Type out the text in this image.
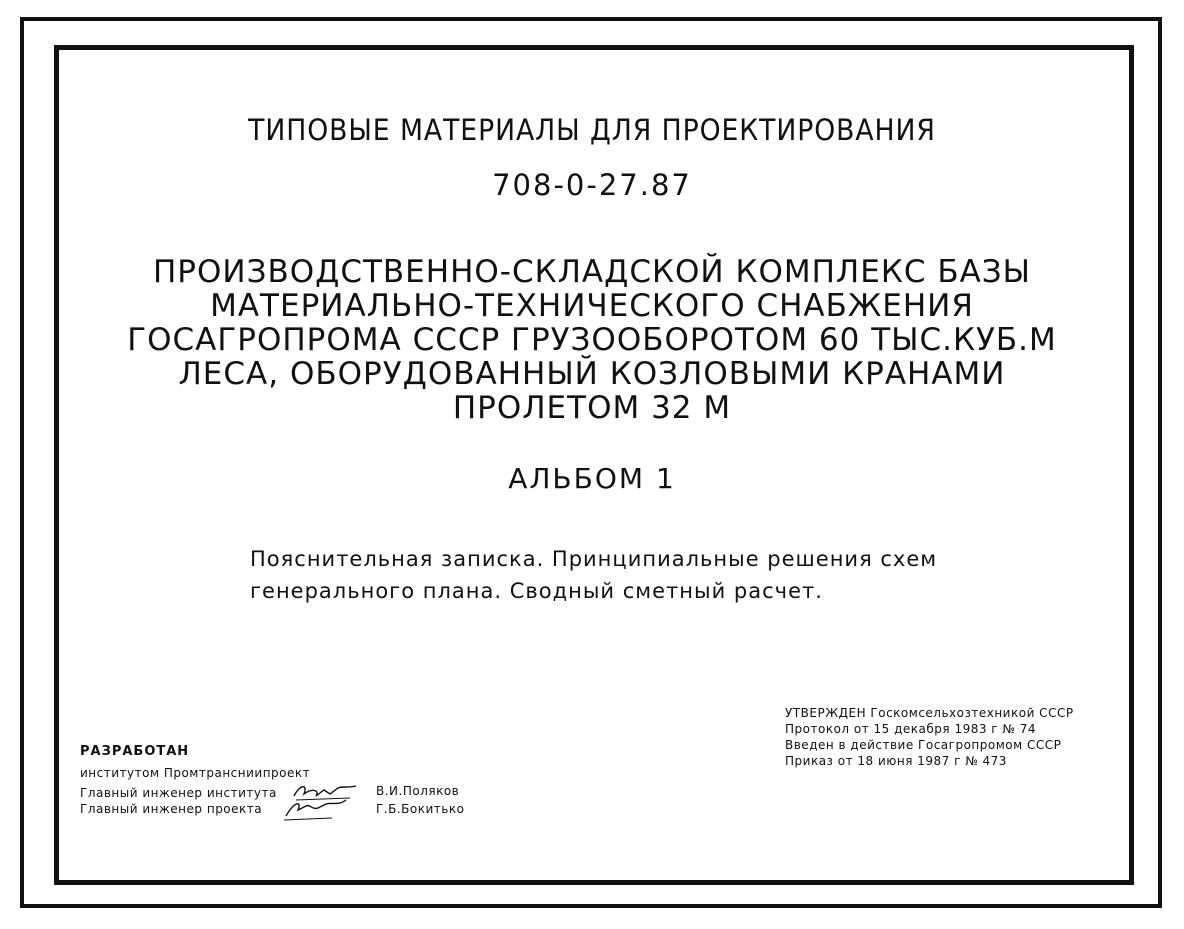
ТИПОВЫЕ МАТЕРИАЛЫ ДЛЯ ПРОЕКТИРОВАНИЯ
708-0-27.87
ПРОИЗВОДСТВЕННО-СКЛАДСКОЙ КОМПЛЕКС БАЗЫ
МАТЕРИАЛЬНО-ТЕХНИЧЕСКОГО СНАБЖЕНИЯ
ГОСАГРОПРОМА СССР ГРУЗООБОРОТОМ 60 ТЫС.КУБ.М
ЛЕСА, ОБОРУДОВАННЫЙ КОЗЛОВЫМИ КРАНАМИ
ПРОЛЕТОМ 32 М
АЛЬБОМ 1
Пояснительная записка. Принципиальные решения схем
генерального плана. Сводный сметный расчет.
РАЗРАБОТАН
институтом Промтрансниипроект
Главный инженер института
Главный инженер проекта
В.И.Поляков
Г.Б.Бокитько
УТВЕРЖДЕН Госкомсельхозтехникой СССР
Протокол от 15 декабря 1983 г № 74
Введен в действие Госагропромом СССР
Приказ от 18 июня 1987 г № 473
